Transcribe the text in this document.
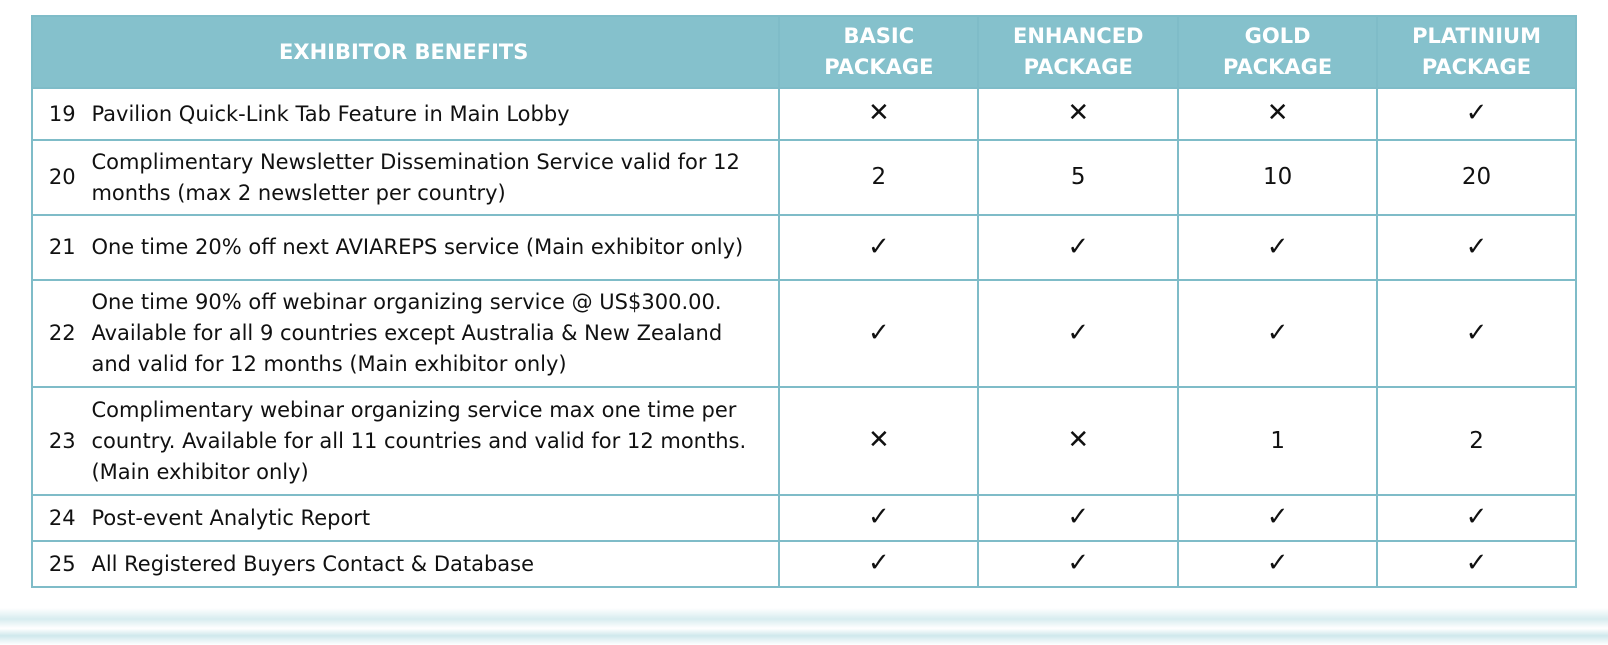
EXHIBITOR BENEFITS		BASIC
PACKAGE	ENHANCED
PACKAGE	GOLD
PACKAGE	PLATINIUM
PACKAGE
19	Pavilion Quick-Link Tab Feature in Main Lobby	✕	✕	✕	✓
20	Complimentary Newsletter Dissemination Service valid for 12
months (max 2 newsletter per country)	2	5	10	20
21	One time 20% off next AVIAREPS service (Main exhibitor only)	✓	✓	✓	✓
22	One time 90% off webinar organizing service @ US$300.00.
Available for all 9 countries except Australia & New Zealand
and valid for 12 months (Main exhibitor only)	✓	✓	✓	✓
23	Complimentary webinar organizing service max one time per
country. Available for all 11 countries and valid for 12 months.
(Main exhibitor only)	✕	✕	1	2
24	Post-event Analytic Report	✓	✓	✓	✓
25	All Registered Buyers Contact & Database	✓	✓	✓	✓
